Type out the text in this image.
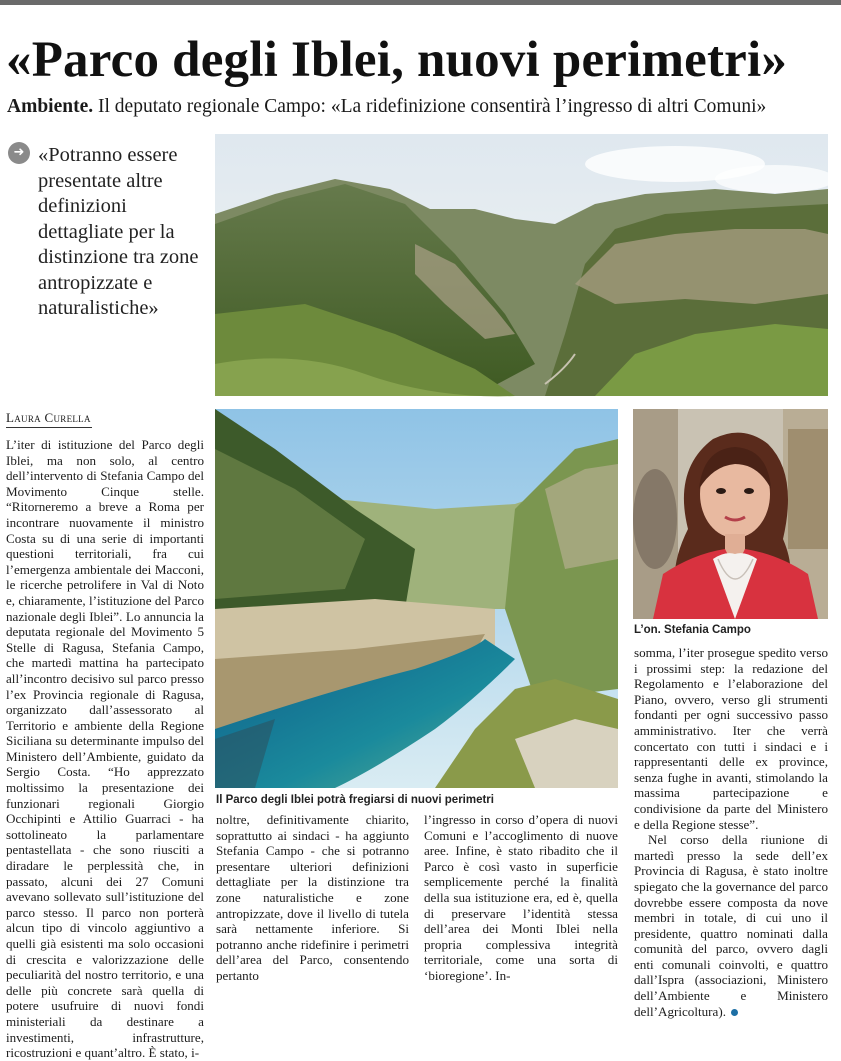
«Parco degli Iblei, nuovi perimetri»
Ambiente. Il deputato regionale Campo: «La ridefinizione consentirà l’ingresso di altri Comuni»
➜ «Potranno essere presentate altre definizioni dettagliate per la distinzione tra zone antropizzate e naturalistiche»
Laura Curella
Il Parco degli Iblei potrà fregiarsi di nuovi perimetri
L’on. Stefania Campo

L’iter di istituzione del Parco degli Iblei, ma non solo, al centro dell’intervento di Stefania Campo del Movimento Cinque stelle. “Ritorneremo a breve a Roma per incontrare nuovamente il ministro Costa su di una serie di importanti questioni territoriali, fra cui l’emergenza ambientale dei Macconi, le ricerche petrolifere in Val di Noto e, chiaramente, l’istituzione del Parco nazionale degli Iblei”. Lo annuncia la deputata regionale del Movimento 5 Stelle di Ragusa, Stefania Campo, che martedì mattina ha partecipato all’incontro decisivo sul parco presso l’ex Provincia regionale di Ragusa, organizzato dall’assessorato al Territorio e ambiente della Regione Siciliana su determinante impulso del Ministero dell’Ambiente, guidato da Sergio Costa. “Ho apprezzato moltissimo la presentazione dei funzionari regionali Giorgio Occhipinti e Attilio Guarraci - ha sottolineato la parlamentare pentastellata - che sono riusciti a diradare le perplessità che, in passato, alcuni dei 27 Comuni avevano sollevato sull’istituzione del parco stesso. Il parco non porterà alcun tipo di vincolo aggiuntivo a quelli già esistenti ma solo occasioni di crescita e valorizzazione delle peculiarità del nostro territorio, e una delle più concrete sarà quella di potere usufruire di nuovi fondi ministeriali da destinare a investimenti, infrastrutture, ricostruzioni e quant’altro. È stato, i-

noltre, definitivamente chiarito, soprattutto ai sindaci - ha aggiunto Stefania Campo - che si potranno presentare ulteriori definizioni dettagliate per la distinzione tra zone naturalistiche e zone antropizzate, dove il livello di tutela sarà nettamente inferiore. Si potranno anche ridefinire i perimetri dell’area del Parco, consentendo pertanto

l’ingresso in corso d’opera di nuovi Comuni e l’accoglimento di nuove aree. Infine, è stato ribadito che il Parco è così vasto in superficie semplicemente perché la finalità della sua istituzione era, ed è, quella di preservare l’identità stessa dell’area dei Monti Iblei nella propria complessiva integrità territoriale, come una sorta di ‘bioregione’. In-

somma, l’iter prosegue spedito verso i prossimi step: la redazione del Regolamento e l’elaborazione del Piano, ovvero, verso gli strumenti fondanti per ogni successivo passo amministrativo. Iter che verrà concertato con tutti i sindaci e i rappresentanti delle ex province, senza fughe in avanti, stimolando la massima partecipazione e condivisione da parte del Ministero e della Regione stesse”.

Nel corso della riunione di martedì presso la sede dell’ex Provincia di Ragusa, è stato inoltre spiegato che la governance del parco dovrebbe essere composta da nove membri in totale, di cui uno il presidente, quattro nominati dalla comunità del parco, ovvero dagli enti comunali coinvolti, e quattro dall’Ispra (associazioni, Ministero dell’Ambiente e Ministero dell’Agricoltura).
